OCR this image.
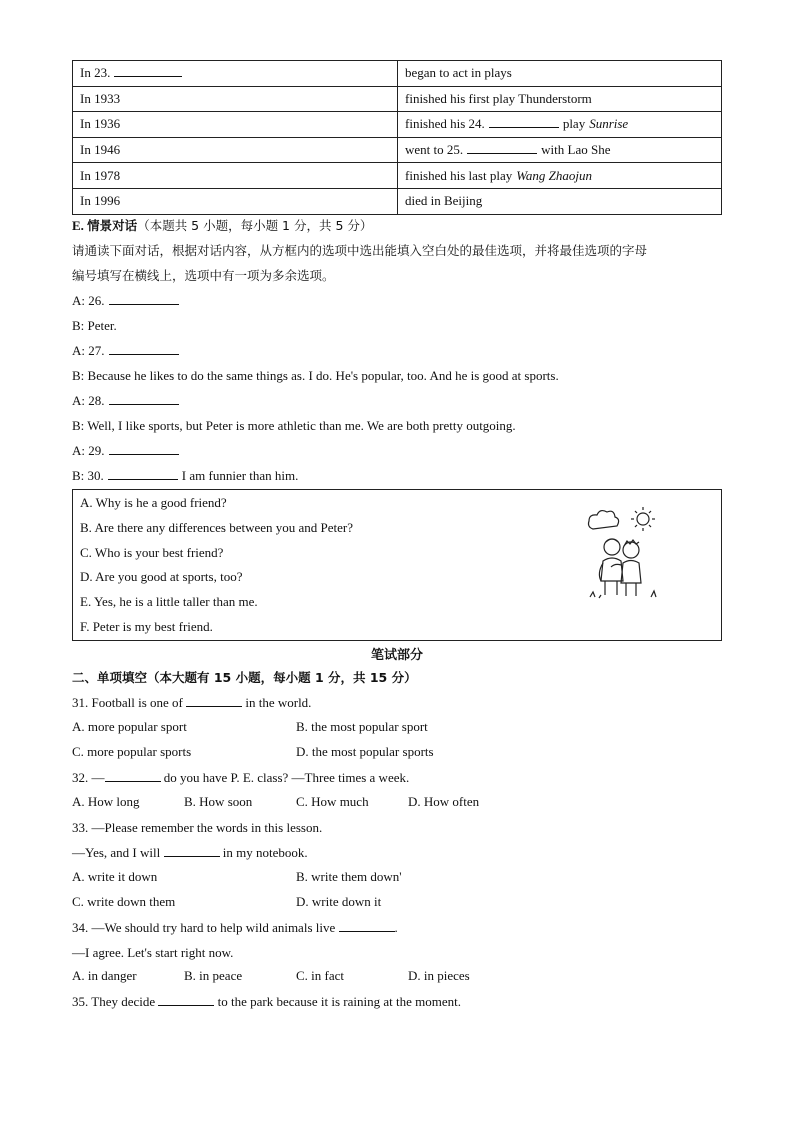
In 23.	began to act in plays
In 1933	finished his first play Thunderstorm
In 1936	finished his 24. play Sunrise
In 1946	went to 25. with Lao She
In 1978	finished his last play Wang Zhaojun
In 1996	died in Beijing
E. 情景对话（本题共 5 小题，每小题 1 分，共 5 分）
请通读下面对话，根据对话内容，从方框内的选项中选出能填入空白处的最佳选项，并将最佳选项的字母
编号填写在横线上，选项中有一项为多余选项。
A: 26.
B: Peter.
A: 27.
B: Because he likes to do the same things as. I do. He's popular, too. And he is good at sports.
A: 28.
B: Well, I like sports, but Peter is more athletic than me. We are both pretty outgoing.
A: 29.
B: 30.	I am funnier than him.
A. Why is he a good friend?
B. Are there any differences between you and Peter?
C. Who is your best friend?
D. Are you good at sports, too?
E. Yes, he is a little taller than me.
F. Peter is my best friend.
笔试部分
二、单项填空（本大题有 15 小题，每小题 1 分，共 15 分）
31. Football is one of	in the world.
A. more popular sport	B. the most popular sport
C. more popular sports	D. the most popular sports
32. —	do you have P. E. class? —Three times a week.
A. How long	B. How soon	C. How much	D. How often
33. —Please remember the words in this lesson.
—Yes, and I will	in my notebook.
A. write it down	B. write them down'
C. write down them	D. write down it
34. —We should try hard to help wild animals live	.
—I agree. Let's start right now.
A. in danger	B. in peace	C. in fact	D. in pieces
35. They decide	to the park because it is raining at the moment.
